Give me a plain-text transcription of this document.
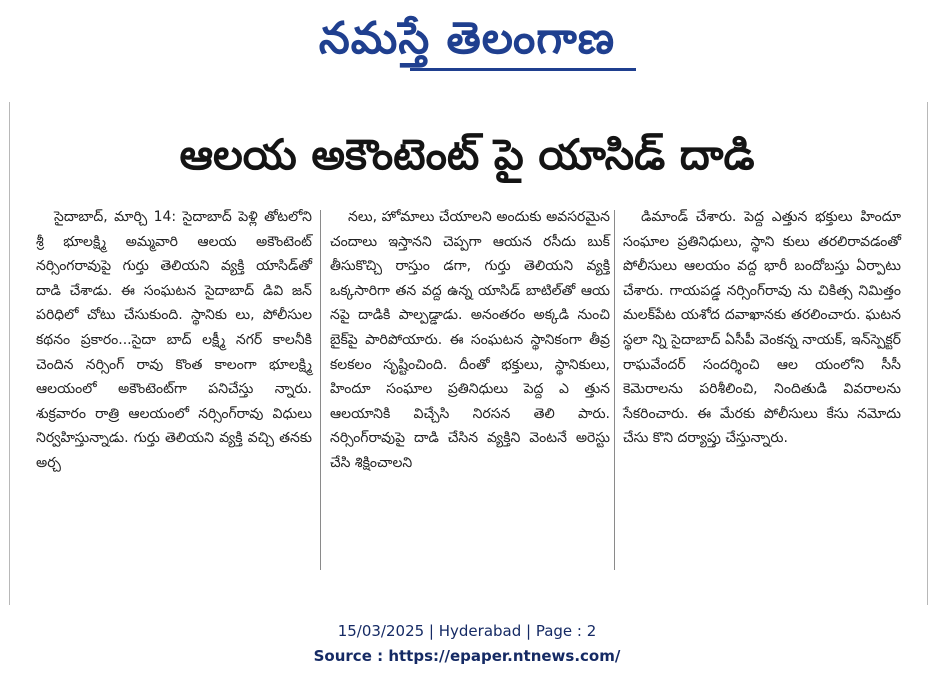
నమస్తే తెలంగాణ
ఆలయ అకౌంటెంట్ పై యాసిడ్ దాడి

సైదాబాద్, మార్చి 14: సైదాబాద్ పెళ్లి తోటలోని శ్రీ భూలక్ష్మి అమ్మవారి ఆలయ అకౌంటెంట్ నర్సింగరావుపై గుర్తు తెలియని వ్యక్తి యాసిడ్‌తో దాడి చేశాడు. ఈ సంఘటన సైదాబాద్ డివి జన్ పరిధిలో చోటు చేసుకుంది. స్థానికు లు, పోలీసుల కథనం ప్రకారం...సైదా బాద్ లక్ష్మీ నగర్ కాలనీకి చెందిన నర్సింగ్ రావు కొంత కాలంగా భూలక్ష్మి ఆలయంలో అకౌంటెంట్‌గా పనిచేస్తు న్నారు. శుక్రవారం రాత్రి ఆలయంలో నర్సింగ్‌రావు విధులు నిర్వహిస్తున్నాడు. గుర్తు తెలియని వ్యక్తి వచ్చి తనకు అర్చ

నలు, హోమాలు చేయాలని అందుకు అవసరమైన చందాలు ఇస్తానని చెప్పగా ఆయన రసీదు బుక్ తీసుకొచ్చి రాస్తుం డగా, గుర్తు తెలియని వ్యక్తి ఒక్కసారిగా తన వద్ద ఉన్న యాసిడ్ బాటిల్‌తో ఆయ నపై దాడికి పాల్పడ్డాడు. అనంతరం అక్కడి నుంచి బైక్‌పై పారిపోయారు. ఈ సంఘటన స్థానికంగా తీవ్ర కలకలం సృష్టించింది. దీంతో భక్తులు, స్థానికులు, హిందూ సంఘాల ప్రతినిధులు పెద్ద ఎ త్తున ఆలయానికి విచ్చేసి నిరసన తెలి పారు. నర్సింగ్‌రావుపై దాడి చేసిన వ్యక్తిని వెంటనే అరెస్టు చేసి శిక్షించాలని

డిమాండ్ చేశారు. పెద్ద ఎత్తున భక్తులు హిందూ సంఘాల ప్రతినిధులు, స్థాని కులు తరలిరావడంతో పోలీసులు ఆలయం వద్ద భారీ బందోబస్తు ఏర్పాటు చేశారు. గాయపడ్డ నర్సింగ్‌రావు ను చికిత్స నిమిత్తం మలక్‌పేట యశోద దవాఖానకు తరలించారు. ఘటన స్థలా న్ని సైదాబాద్ ఏసీపీ వెంకన్న నాయక్, ఇన్‌స్పెక్టర్ రాఘవేందర్ సందర్శించి ఆల యంలోని సీసీ కెమెరాలను పరిశీలించి, నిందితుడి వివరాలను సేకరించారు. ఈ మేరకు పోలీసులు కేసు నమోదు చేసు కొని దర్యాప్తు చేస్తున్నారు.

15/03/2025 | Hyderabad | Page : 2
Source : https://epaper.ntnews.com/
